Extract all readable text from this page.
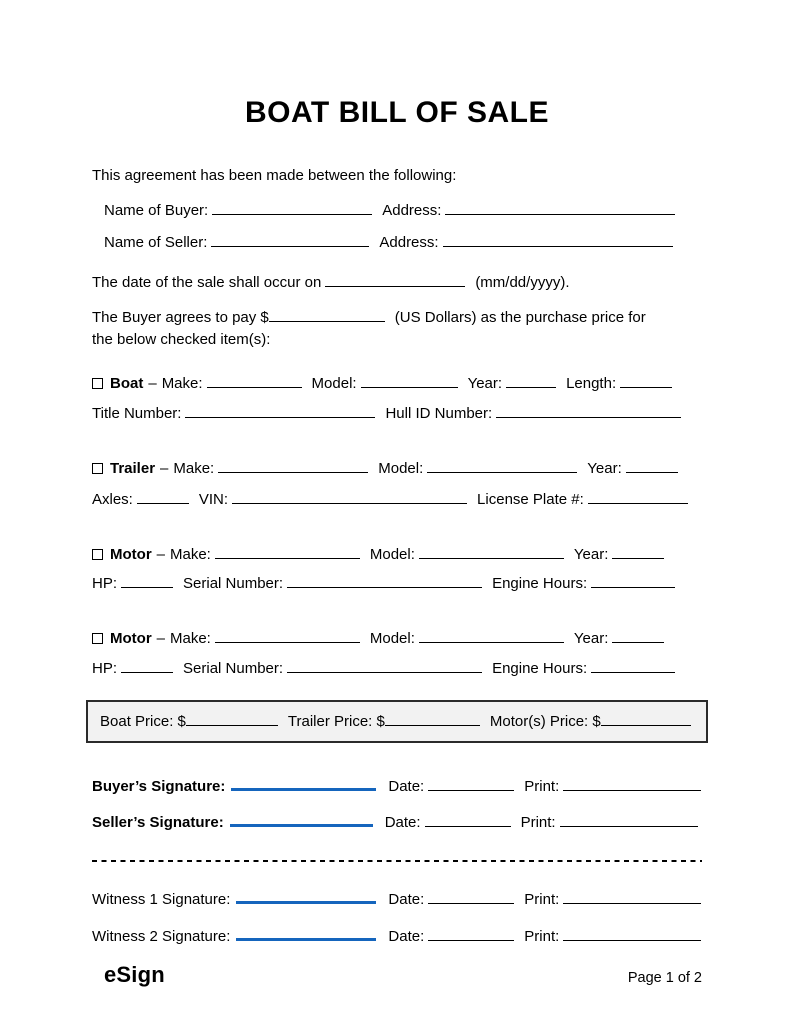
BOAT BILL OF SALE
This agreement has been made between the following:
Name of Buyer:	Address:
Name of Seller:	Address:
The date of the sale shall occur on	(mm/dd/yyyy).
The Buyer agrees to pay $	(US Dollars) as the purchase price for
the below checked item(s):
Boat – Make:	Model:	Year:	Length:
Title Number:	Hull ID Number:
Trailer – Make:	Model:	Year:
Axles:	VIN:	License Plate #:
Motor – Make:	Model:	Year:
HP:	Serial Number:	Engine Hours:
Motor – Make:	Model:	Year:
HP:	Serial Number:	Engine Hours:
Boat Price: $	Trailer Price: $	Motor(s) Price: $
Buyer’s Signature:	Date:	Print:
Seller’s Signature:	Date:	Print:
Witness 1 Signature:	Date:	Print:
Witness 2 Signature:	Date:	Print:
eSign	Page 1 of 2
